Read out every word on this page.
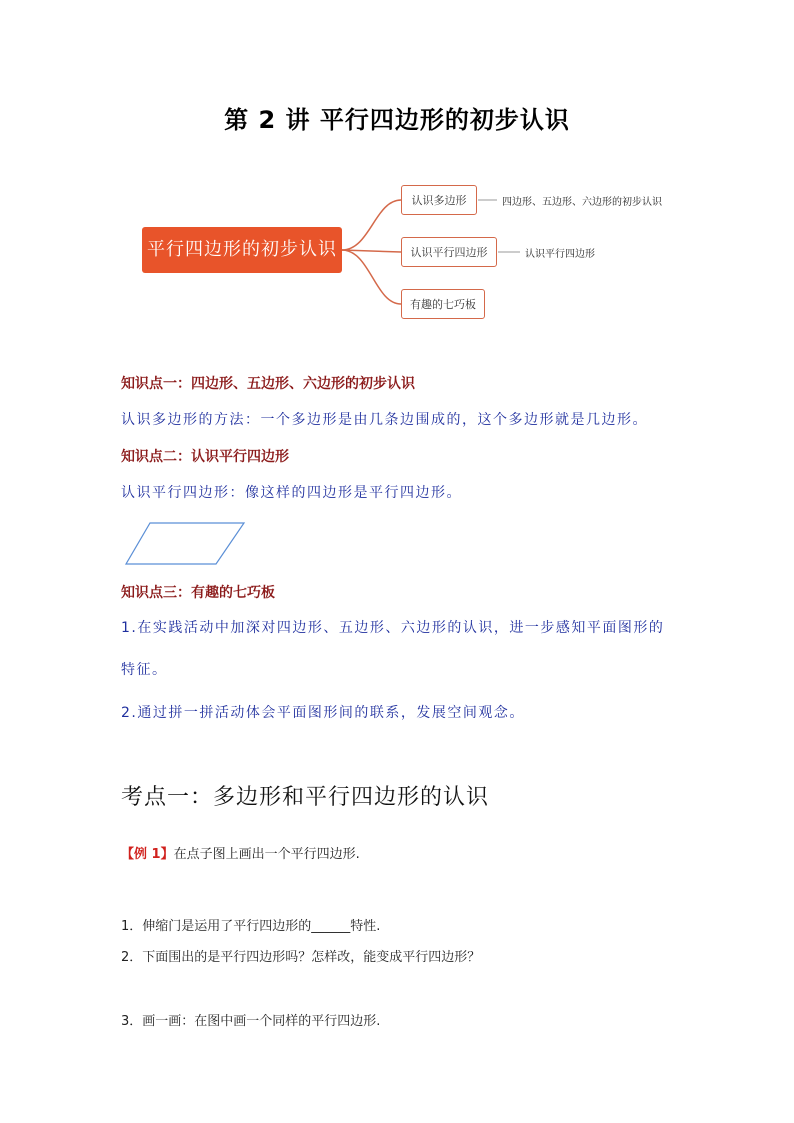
第 2 讲 平行四边形的初步认识
平行四边形的初步认识
认识多边形
认识平行四边形
有趣的七巧板
四边形、五边形、六边形的初步认识
认识平行四边形
知识点一：四边形、五边形、六边形的初步认识
认识多边形的方法：一个多边形是由几条边围成的，这个多边形就是几边形。
知识点二：认识平行四边形
认识平行四边形：像这样的四边形是平行四边形。
知识点三：有趣的七巧板
1.在实践活动中加深对四边形、五边形、六边形的认识，进一步感知平面图形的
特征。
2.通过拼一拼活动体会平面图形间的联系，发展空间观念。
考点一：多边形和平行四边形的认识
【例 1】在点子图上画出一个平行四边形.
1．伸缩门是运用了平行四边形的______特性.
2．下面围出的是平行四边形吗？怎样改，能变成平行四边形？
3．画一画：在图中画一个同样的平行四边形.
